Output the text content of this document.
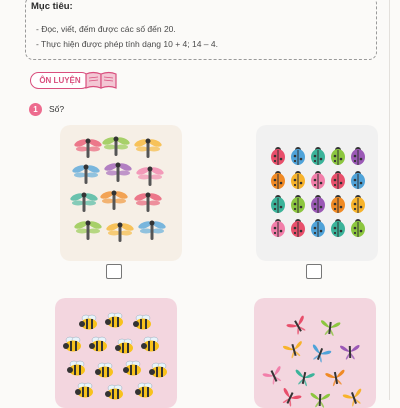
Mục tiêu:
- Đọc, viết, đếm được các số đến 20.
- Thực hiện được phép tính dạng 10 + 4; 14 – 4.
ÔN LUYỆN
1	Số?
